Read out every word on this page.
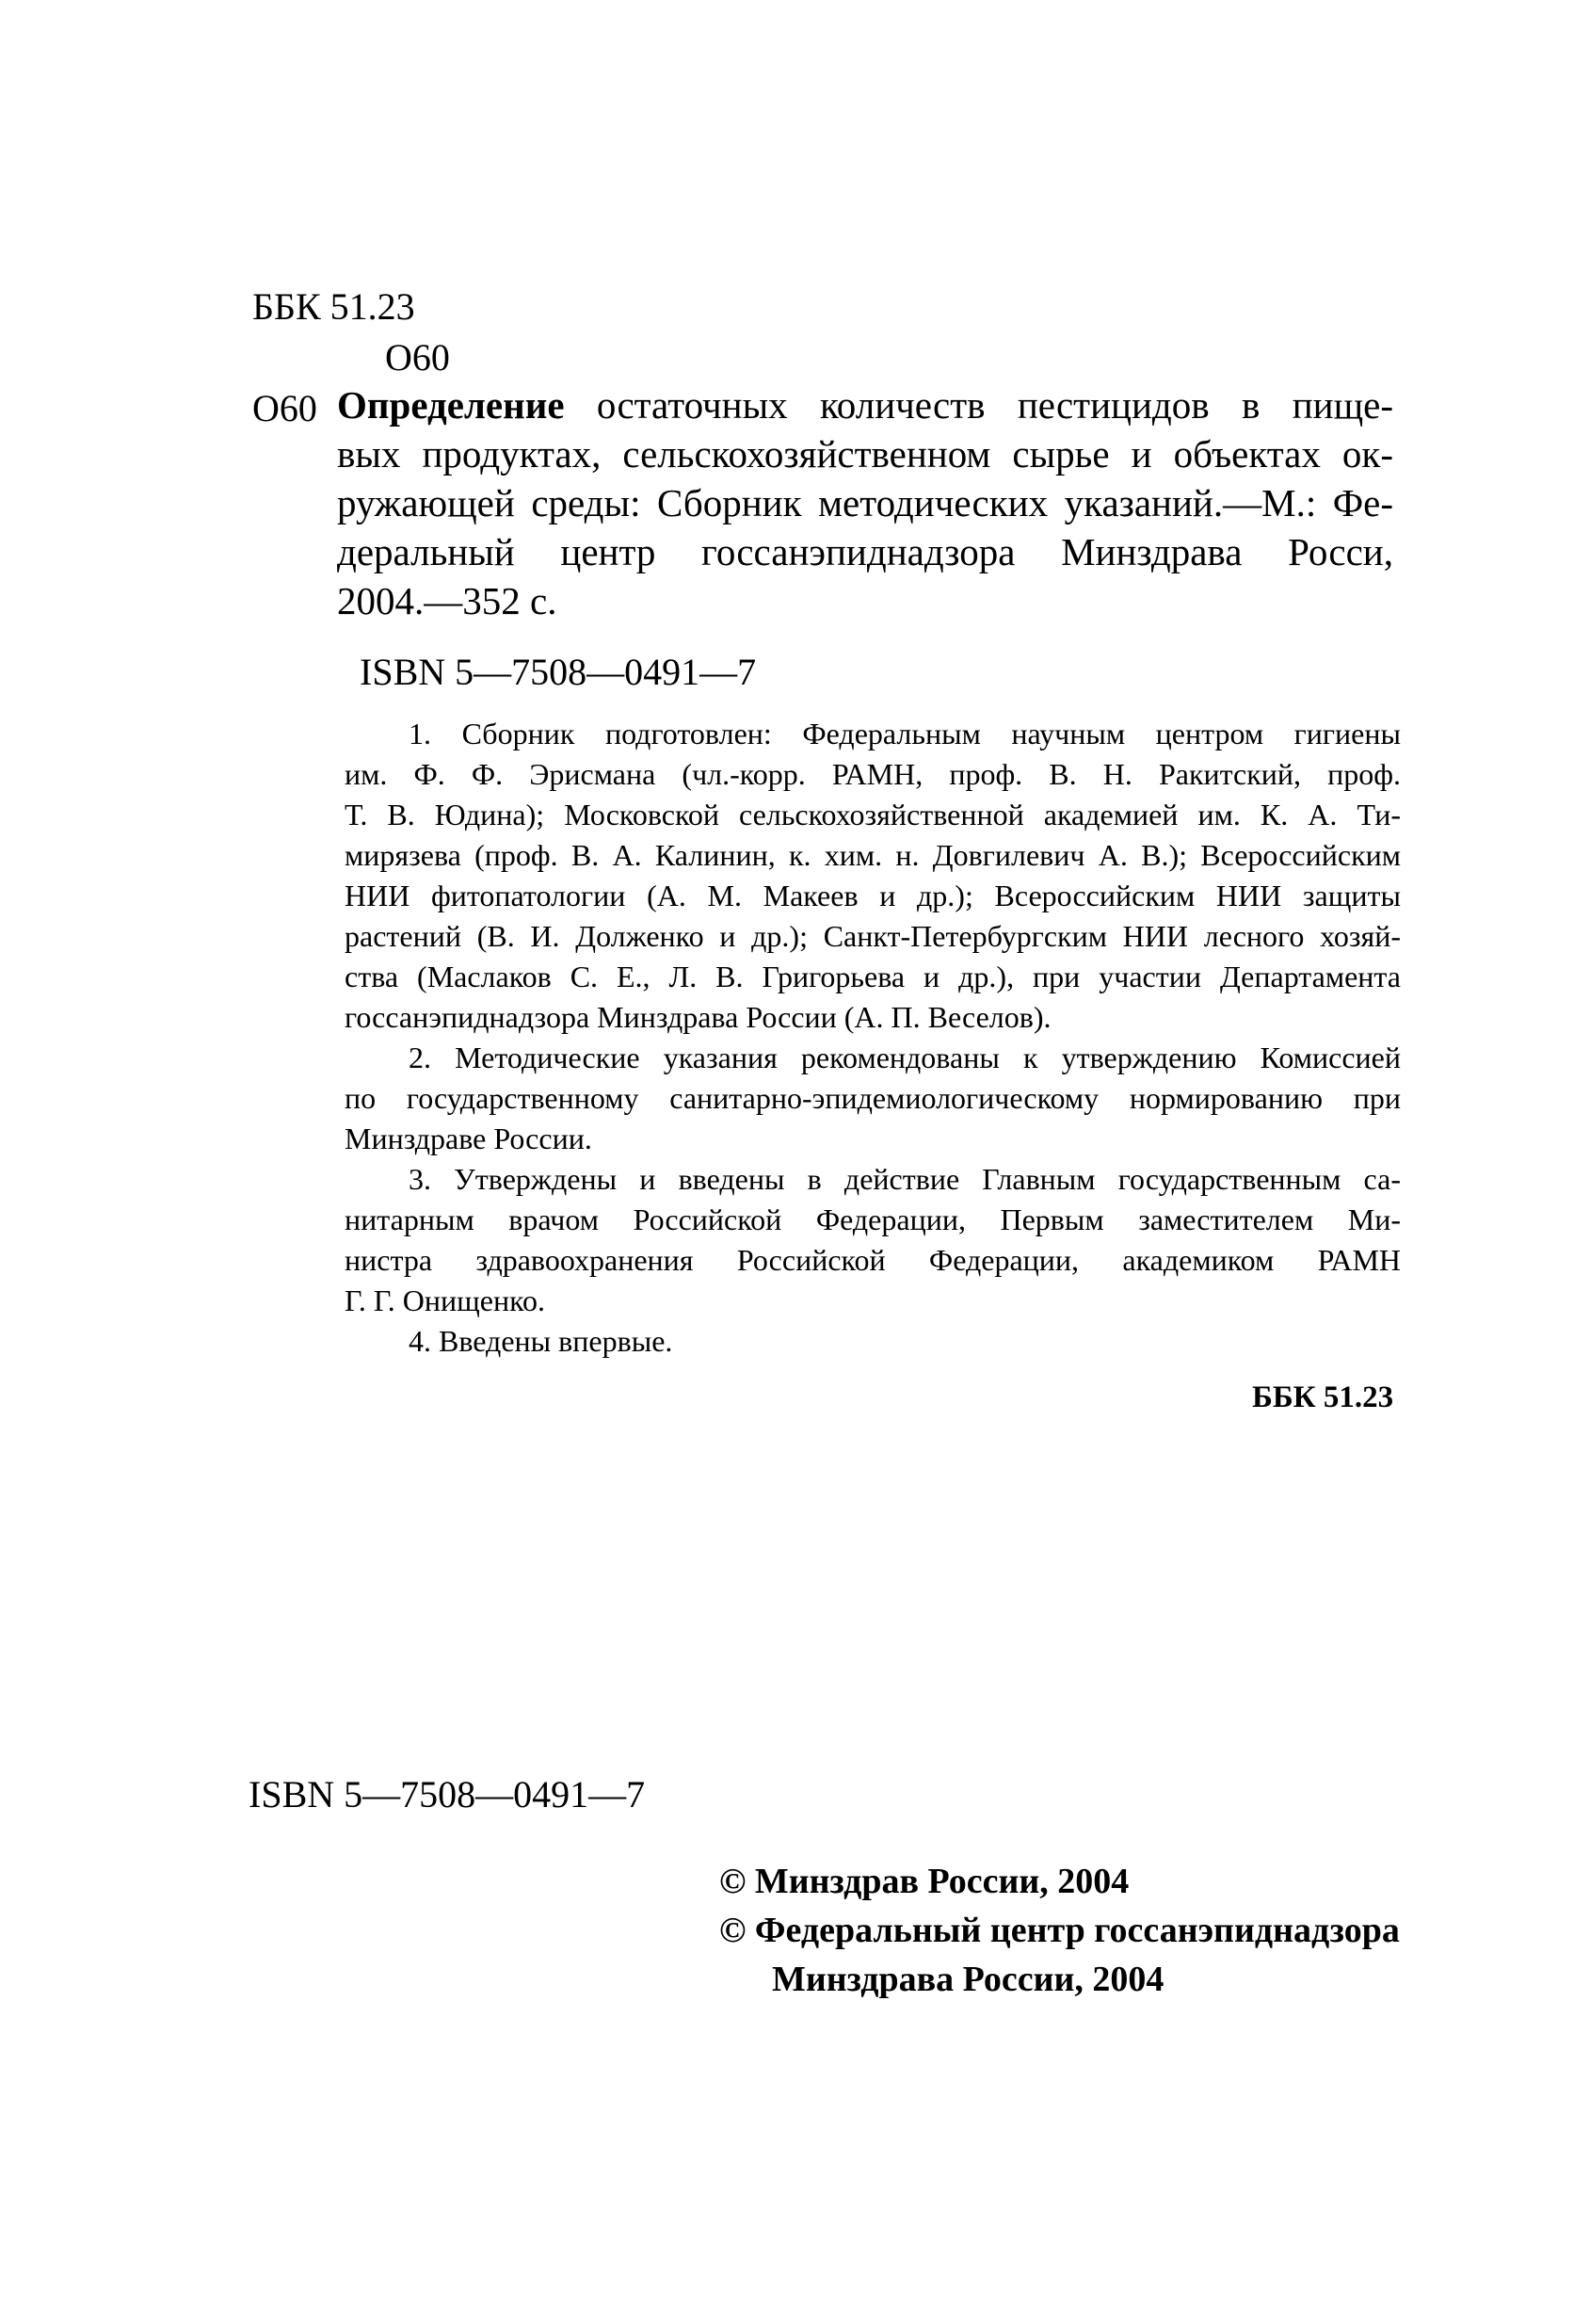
ББК 51.23
О60
О60 Определение остаточных количеств пестицидов в пище-
вых продуктах, сельскохозяйственном сырье и объектах ок-
ружающей среды: Сборник методических указаний.—М.: Фе-
деральный центр госсанэпиднадзора Минздрава Росси,
2004.—352 с.
ISBN 5—7508—0491—7
1. Сборник подготовлен: Федеральным научным центром гигиены
им. Ф. Ф. Эрисмана (чл.-корр. РАМН, проф. В. Н. Ракитский, проф.
Т. В. Юдина); Московской сельскохозяйственной академией им. К. А. Ти-
мирязева (проф. В. А. Калинин, к. хим. н. Довгилевич А. В.); Всероссийским
НИИ фитопатологии (А. М. Макеев и др.); Всероссийским НИИ защиты
растений (В. И. Долженко и др.); Санкт-Петербургским НИИ лесного хозяй-
ства (Маслаков С. Е., Л. В. Григорьева и др.), при участии Департамента
госсанэпиднадзора Минздрава России (А. П. Веселов).
2. Методические указания рекомендованы к утверждению Комиссией
по государственному санитарно-эпидемиологическому нормированию при
Минздраве России.
3. Утверждены и введены в действие Главным государственным са-
нитарным врачом Российской Федерации, Первым заместителем Ми-
нистра здравоохранения Российской Федерации, академиком РАМН
Г. Г. Онищенко.
4. Введены впервые.
ББК 51.23
ISBN 5—7508—0491—7
© Минздрав России, 2004
© Федеральный центр госсанэпиднадзора
Минздрава России, 2004
